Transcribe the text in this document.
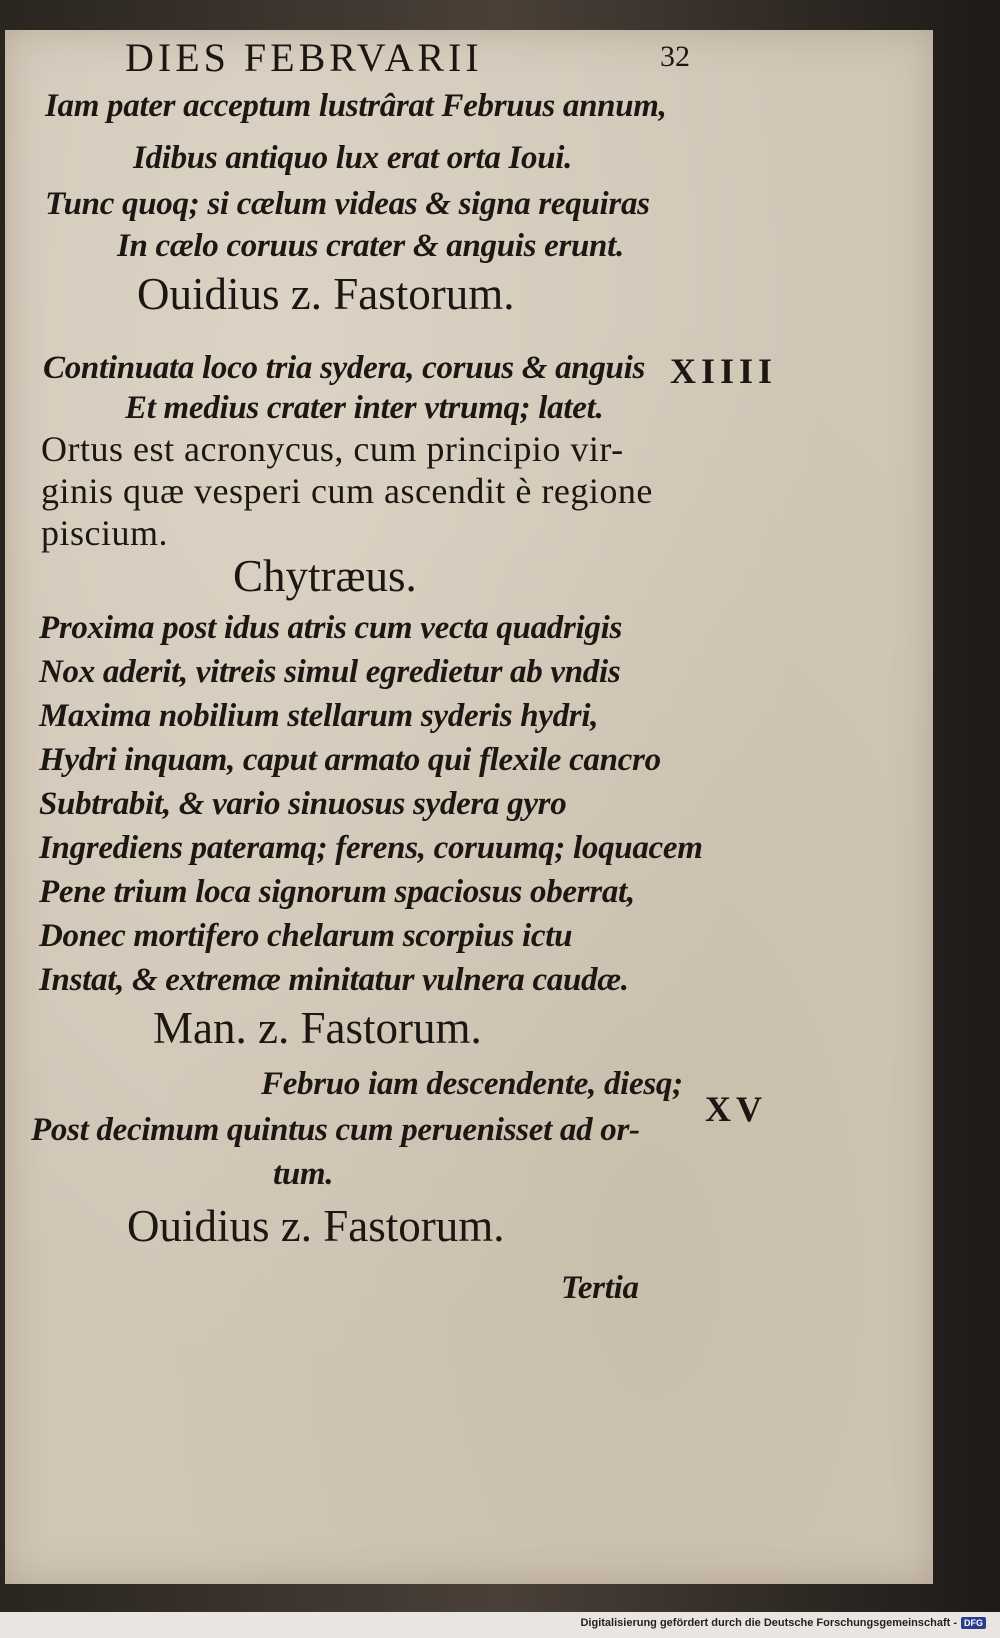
DIES FEBRVARII	32
Iam pater acceptum lustrârat Februus annum,
Idibus antiquo lux erat orta Ioui.
Tunc quoq; si cælum videas & signa requiras
In cælo coruus crater & anguis erunt.
Ouidius z. Fastorum.
Continuata loco tria sydera, coruus & anguis
Et medius crater inter vtrumq; latet.
Ortus est acronycus, cum principio vir-
ginis quæ vesperi cum ascendit è regione
piscium.
XIIII
Chytræus.
Proxima post idus atris cum vecta quadrigis
Nox aderit, vitreis simul egredietur ab vndis
Maxima nobilium stellarum syderis hydri,
Hydri inquam, caput armato qui flexile cancro
Subtrabit, & vario sinuosus sydera gyro
Ingrediens pateramq; ferens, coruumq; loquacem
Pene trium loca signorum spaciosus oberrat,
Donec mortifero chelarum scorpius ictu
Instat, & extremæ minitatur vulnera caudæ.
Man. z. Fastorum.
Februo iam descendente, diesq;
Post decimum quintus cum peruenisset ad or-
tum.
XV
Ouidius z. Fastorum.
Tertia
Digitalisierung gefördert durch die Deutsche Forschungsgemeinschaft - DFG
